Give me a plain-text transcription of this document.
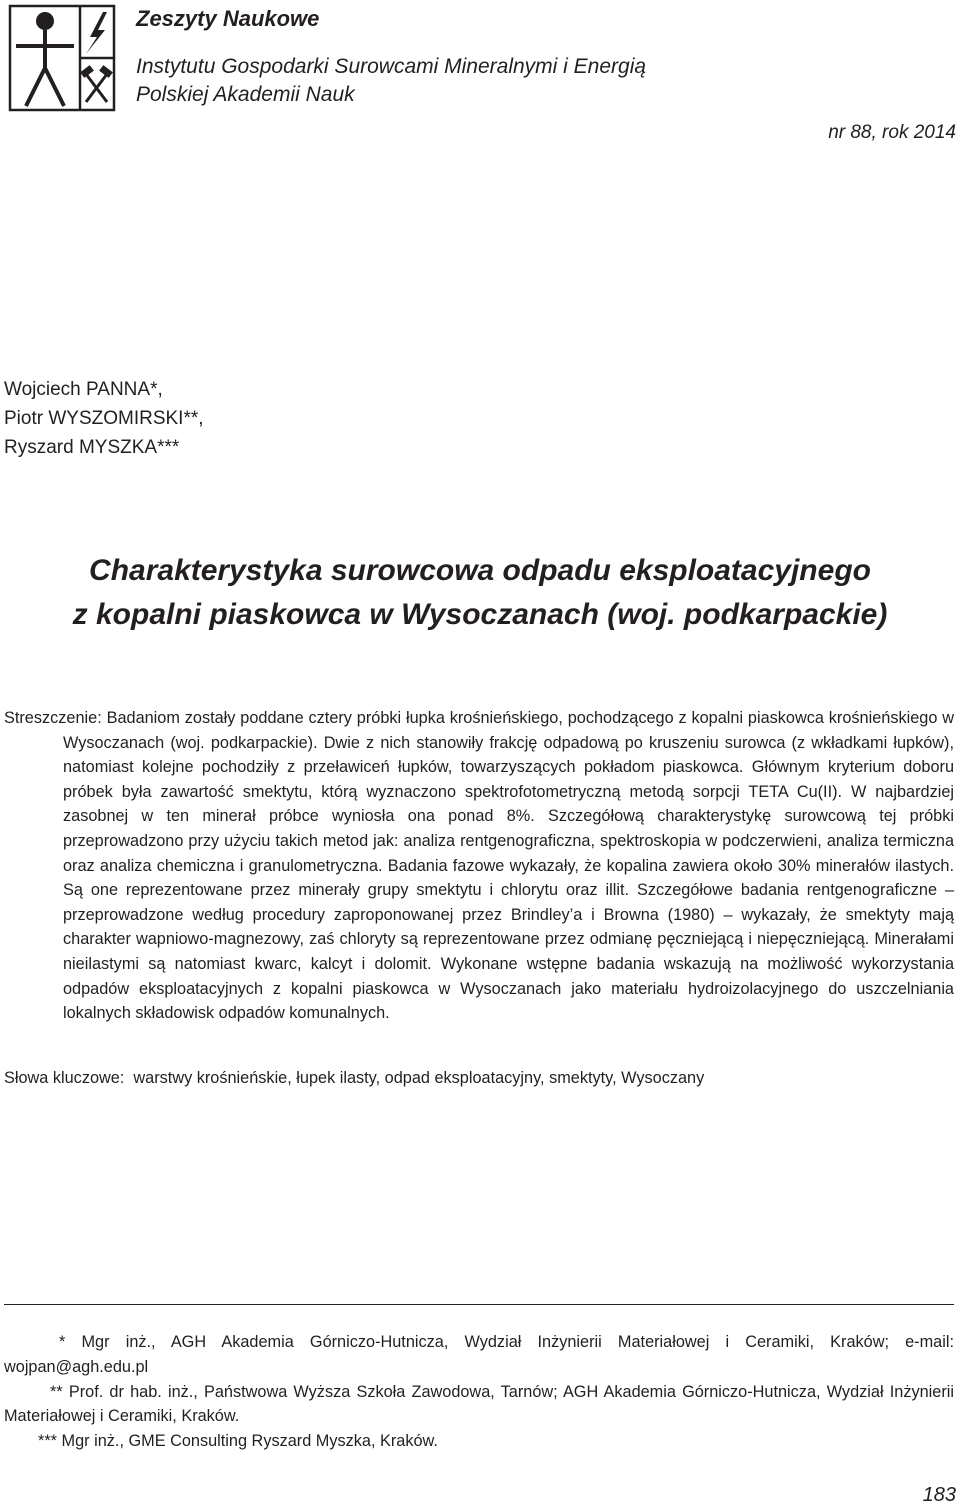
Zeszyty Naukowe
Instytutu Gospodarki Surowcami Mineralnymi i Energią
Polskiej Akademii Nauk
nr 88, rok 2014
Wojciech PANNA*,
Piotr WYSZOMIRSKI**,
Ryszard MYSZKA***
Charakterystyka surowcowa odpadu eksploatacyjnego
z kopalni piaskowca w Wysoczanach (woj. podkarpackie)

Streszczenie: Badaniom zostały poddane cztery próbki łupka krośnieńskiego, pochodzącego z kopalni piaskowca krośnieńskiego w Wysoczanach (woj. podkarpackie). Dwie z nich stanowiły frakcję odpadową po kruszeniu surowca (z wkładkami łupków), natomiast kolejne pochodziły z przeławiceń łupków, towarzyszących pokładom piaskowca. Głównym kryterium doboru próbek była zawartość smektytu, którą wyznaczono spektrofotometryczną metodą sorpcji TETA Cu(II). W najbardziej zasobnej w ten minerał próbce wyniosła ona ponad 8%. Szczegółową charakterystykę surowcową tej próbki przeprowadzono przy użyciu takich metod jak: analiza rentgenograficzna, spektroskopia w podczerwieni, analiza termiczna oraz analiza chemiczna i granulometryczna. Badania fazowe wykazały, że kopalina zawiera około 30% minerałów ilastych. Są one reprezentowane przez minerały grupy smektytu i chlorytu oraz illit. Szczegółowe badania rentgenograficzne – przeprowadzone według procedury zaproponowanej przez Brindley’a i Browna (1980) – wykazały, że smektyty mają charakter wapniowo-magnezowy, zaś chloryty są reprezentowane przez odmianę pęczniejącą i niepęczniejącą. Minerałami nieilastymi są natomiast kwarc, kalcyt i dolomit. Wykonane wstępne badania wskazują na możliwość wykorzystania odpadów eksploatacyjnych z kopalni piaskowca w Wysoczanach jako materiału hydroizolacyjnego do uszczelniania lokalnych składowisk odpadów komunalnych.

Słowa kluczowe: warstwy krośnieńskie, łupek ilasty, odpad eksploatacyjny, smektyty, Wysoczany

* Mgr inż., AGH Akademia Górniczo-Hutnicza, Wydział Inżynierii Materiałowej i Ceramiki, Kraków; e-mail: wojpan@agh.edu.pl

** Prof. dr hab. inż., Państwowa Wyższa Szkoła Zawodowa, Tarnów; AGH Akademia Górniczo-Hutnicza, Wydział Inżynierii Materiałowej i Ceramiki, Kraków.

*** Mgr inż., GME Consulting Ryszard Myszka, Kraków.

183
